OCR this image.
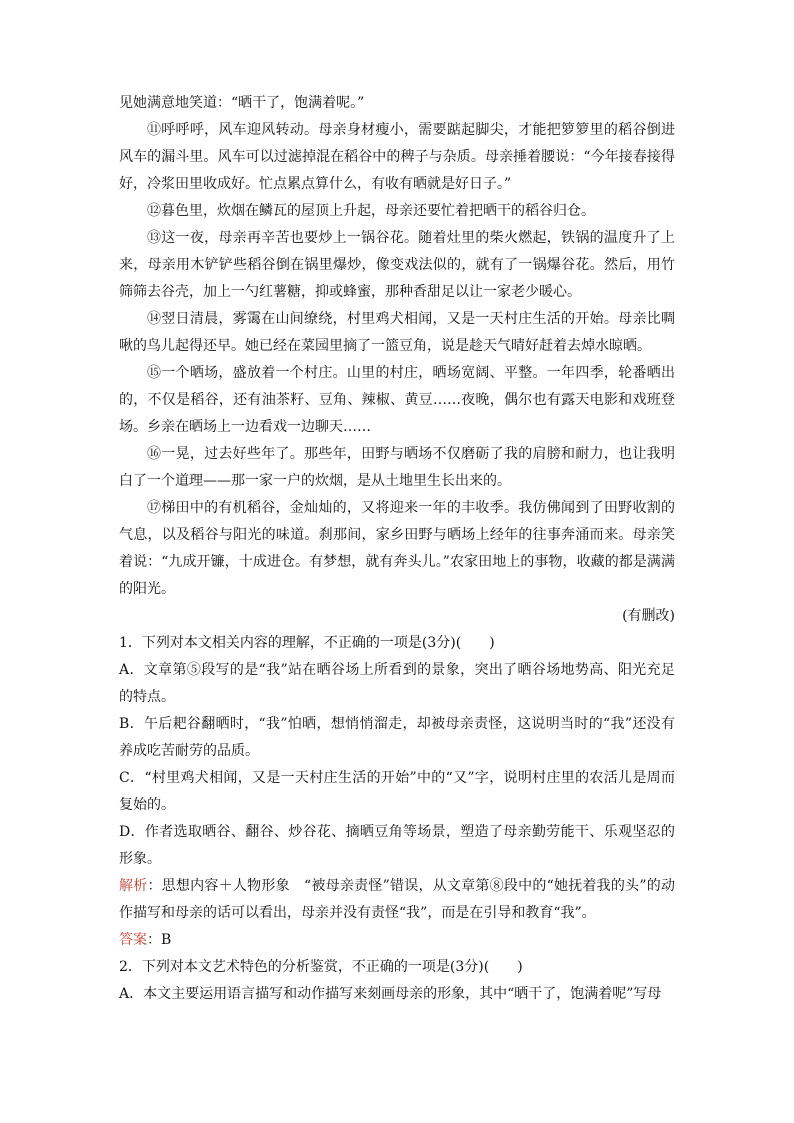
见她满意地笑道：“晒干了，饱满着呢。”

⑪呼呼呼，风车迎风转动。母亲身材瘦小，需要踮起脚尖，才能把箩箩里的稻谷倒进风车的漏斗里。风车可以过滤掉混在稻谷中的稗子与杂质。母亲捶着腰说：“今年接春接得好，冷浆田里收成好。忙点累点算什么，有收有晒就是好日子。”

⑫暮色里，炊烟在鳞瓦的屋顶上升起，母亲还要忙着把晒干的稻谷归仓。

⑬这一夜，母亲再辛苦也要炒上一锅谷花。随着灶里的柴火燃起，铁锅的温度升了上来，母亲用木铲铲些稻谷倒在锅里爆炒，像变戏法似的，就有了一锅爆谷花。然后，用竹筛筛去谷壳，加上一勺红薯糖，抑或蜂蜜，那种香甜足以让一家老少暖心。

⑭翌日清晨，雾霭在山间缭绕，村里鸡犬相闻，又是一天村庄生活的开始。母亲比啁啾的鸟儿起得还早。她已经在菜园里摘了一篮豆角，说是趁天气晴好赶着去焯水晾晒。

⑮一个晒场，盛放着一个村庄。山里的村庄，晒场宽阔、平整。一年四季，轮番晒出的，不仅是稻谷，还有油茶籽、豆角、辣椒、黄豆……夜晚，偶尔也有露天电影和戏班登场。乡亲在晒场上一边看戏一边聊天……

⑯一晃，过去好些年了。那些年，田野与晒场不仅磨砺了我的肩膀和耐力，也让我明白了一个道理——那一家一户的炊烟，是从土地里生长出来的。

⑰梯田中的有机稻谷，金灿灿的，又将迎来一年的丰收季。我仿佛闻到了田野收割的气息，以及稻谷与阳光的味道。刹那间，家乡田野与晒场上经年的往事奔涌而来。母亲笑着说：“九成开镰，十成进仓。有梦想，就有奔头儿。”农家田地上的事物，收藏的都是满满的阳光。

(有删改)

1．下列对本文相关内容的理解，不正确的一项是(3分)(　　)

A．文章第⑤段写的是“我”站在晒谷场上所看到的景象，突出了晒谷场地势高、阳光充足的特点。

B．午后耙谷翻晒时，“我”怕晒，想悄悄溜走，却被母亲责怪，这说明当时的“我”还没有养成吃苦耐劳的品质。

C．“村里鸡犬相闻，又是一天村庄生活的开始”中的“又”字，说明村庄里的农活儿是周而复始的。

D．作者选取晒谷、翻谷、炒谷花、摘晒豆角等场景，塑造了母亲勤劳能干、乐观坚忍的形象。

解析：思想内容＋人物形象　“被母亲责怪”错误，从文章第⑧段中的“她抚着我的头”的动作描写和母亲的话可以看出，母亲并没有责怪“我”，而是在引导和教育“我”。

答案：B

2．下列对本文艺术特色的分析鉴赏，不正确的一项是(3分)(　　)

A．本文主要运用语言描写和动作描写来刻画母亲的形象，其中“晒干了，饱满着呢”写母
